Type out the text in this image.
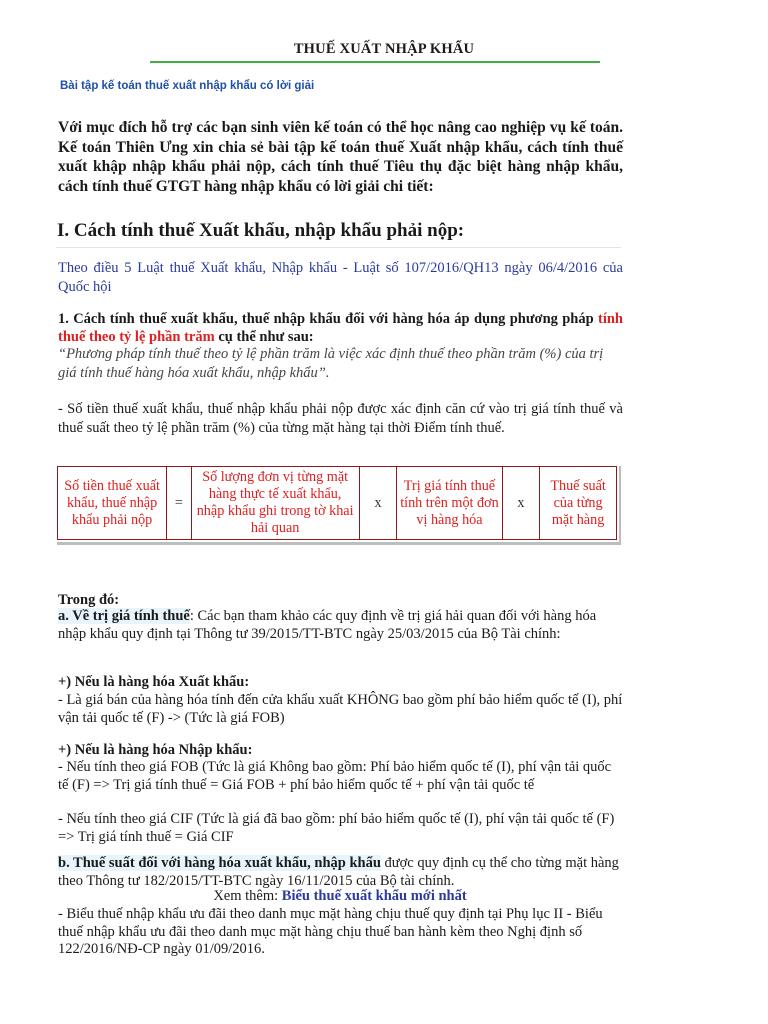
THUẾ XUẤT NHẬP KHẨU
Bài tập kế toán thuế xuất nhập khẩu có lời giải
Với mục đích hỗ trợ các bạn sinh viên kế toán có thể học nâng cao nghiệp vụ kế toán. Kế toán Thiên Ưng xin chia sẻ bài tập kế toán thuế Xuất nhập khẩu, cách tính thuế xuất khập nhập khẩu phải nộp, cách tính thuế Tiêu thụ đặc biệt hàng nhập khẩu, cách tính thuế GTGT hàng nhập khẩu có lời giải chi tiết:
I. Cách tính thuế Xuất khẩu, nhập khẩu phải nộp:
Theo điều 5 Luật thuế Xuất khẩu, Nhập khẩu - Luật số 107/2016/QH13 ngày 06/4/2016 của Quốc hội
1. Cách tính thuế xuất khẩu, thuế nhập khẩu đối với hàng hóa áp dụng phương pháp tính thuế theo tỷ lệ phần trăm cụ thể như sau:
“Phương pháp tính thuế theo tỷ lệ phần trăm là việc xác định thuế theo phần trăm (%) của trị giá tính thuế hàng hóa xuất khẩu, nhập khẩu”.
- Số tiền thuế xuất khẩu, thuế nhập khẩu phải nộp được xác định căn cứ vào trị giá tính thuế và thuế suất theo tỷ lệ phần trăm (%) của từng mặt hàng tại thời Điểm tính thuế.
Số tiền thuế xuất khẩu, thuế nhập khẩu phải nộp	=	Số lượng đơn vị từng mặt hàng thực tế xuất khẩu, nhập khẩu ghi trong tờ khai hải quan	x	Trị giá tính thuế tính trên một đơn vị hàng hóa	x	Thuế suất của từng mặt hàng
Trong đó:
a. Về trị giá tính thuế: Các bạn tham khảo các quy định về trị giá hải quan đối với hàng hóa nhập khẩu quy định tại Thông tư 39/2015/TT-BTC ngày 25/03/2015 của Bộ Tài chính:
+) Nếu là hàng hóa Xuất khẩu:
- Là giá bán của hàng hóa tính đến cửa khẩu xuất KHÔNG bao gồm phí bảo hiểm quốc tế (I), phí vận tải quốc tế (F) -> (Tức là giá FOB)
+) Nếu là hàng hóa Nhập khẩu:
- Nếu tính theo giá FOB (Tức là giá Không bao gồm: Phí bảo hiểm quốc tế (I), phí vận tải quốc tế (F) => Trị giá tính thuế = Giá FOB + phí bảo hiểm quốc tế + phí vận tải quốc tế
- Nếu tính theo giá CIF (Tức là giá đã bao gồm: phí bảo hiểm quốc tế (I), phí vận tải quốc tế (F) => Trị giá tính thuế = Giá CIF
b. Thuế suất đối với hàng hóa xuất khẩu, nhập khẩu được quy định cụ thể cho từng mặt hàng theo Thông tư 182/2015/TT-BTC ngày 16/11/2015 của Bộ tài chính.
Xem thêm: Biểu thuế xuất khẩu mới nhất
- Biểu thuế nhập khẩu ưu đãi theo danh mục mặt hàng chịu thuế quy định tại Phụ lục II - Biểu thuế nhập khẩu ưu đãi theo danh mục mặt hàng chịu thuế ban hành kèm theo Nghị định số 122/2016/NĐ-CP ngày 01/09/2016.
